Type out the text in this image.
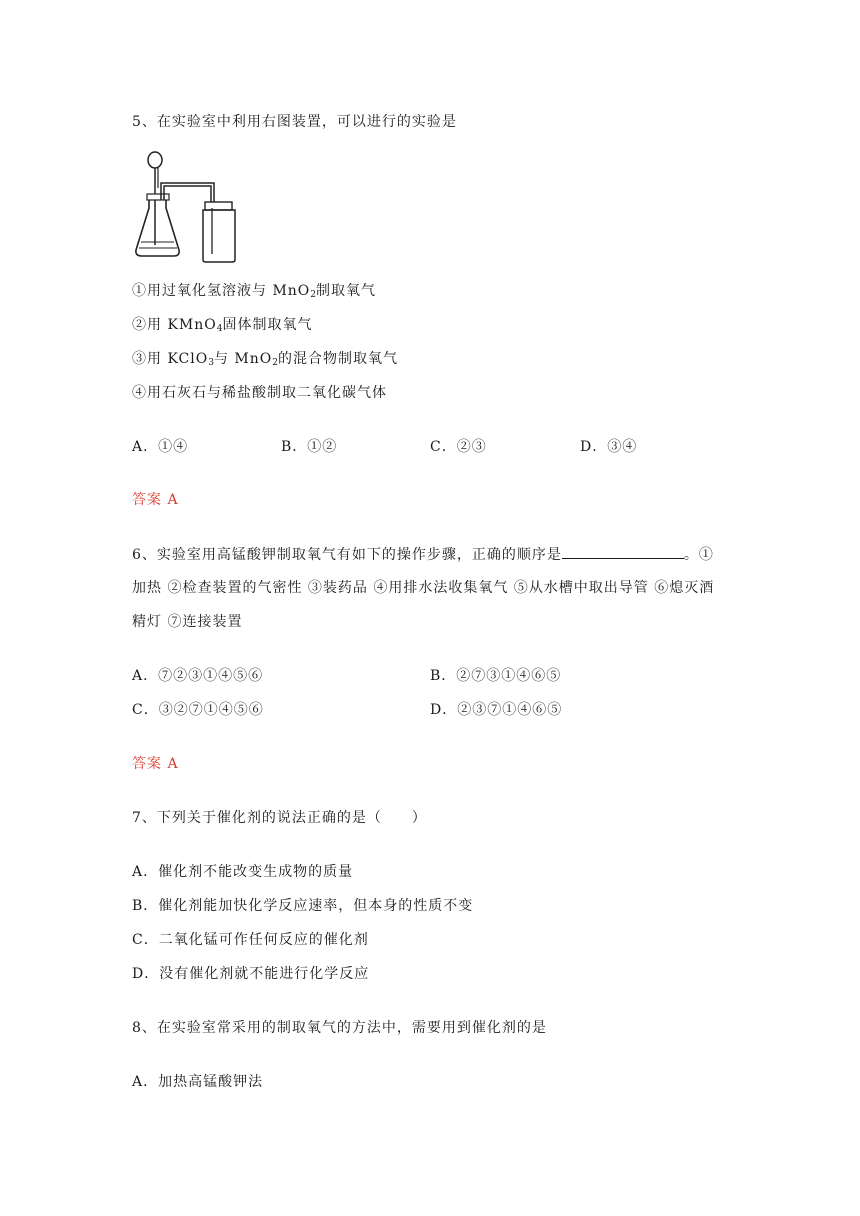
5、在实验室中利用右图装置，可以进行的实验是
①用过氧化氢溶液与 MnO$_2$制取氧气
②用 KMnO$_4$固体制取氧气
③用 KClO$_3$与 MnO$_2$的混合物制取氧气
④用石灰石与稀盐酸制取二氧化碳气体
A．①④	B．①②	C．②③	D．③④
答案 A
6、实验室用高锰酸钾制取氧气有如下的操作步骤，正确的顺序是	。①
加热 ②检查装置的气密性 ③装药品 ④用排水法收集氧气 ⑤从水槽中取出导管 ⑥熄灭酒
精灯 ⑦连接装置
A．⑦②③①④⑤⑥	B．②⑦③①④⑥⑤
C．③②⑦①④⑤⑥	D．②③⑦①④⑥⑤
答案 A
7、下列关于催化剂的说法正确的是（　　）
A．催化剂不能改变生成物的质量
B．催化剂能加快化学反应速率，但本身的性质不变
C．二氧化锰可作任何反应的催化剂
D．没有催化剂就不能进行化学反应
8、在实验室常采用的制取氧气的方法中，需要用到催化剂的是
A．加热高锰酸钾法
